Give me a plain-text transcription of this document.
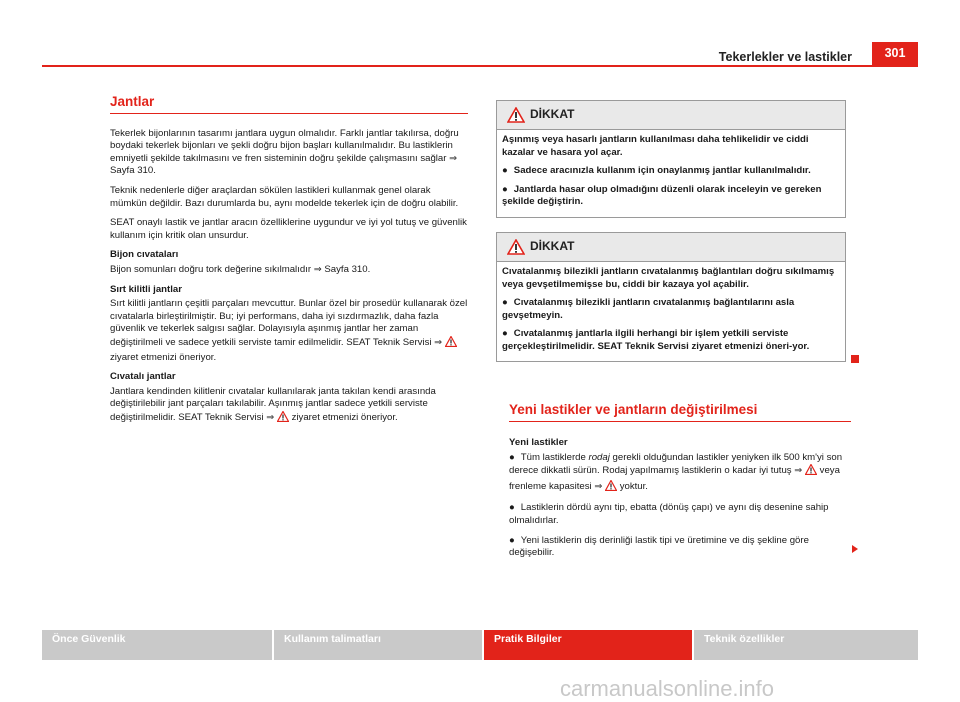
Tekerlekler ve lastikler	301
Jantlar

Tekerlek bijonlarının tasarımı jantlara uygun olmalıdır. Farklı jantlar takılırsa, doğru boydaki tekerlek bijonları ve şekli doğru bijon başları kullanılmalıdır. Bu lastiklerin emniyetli şekilde takılmasını ve fren sisteminin doğru şekilde çalışmasını sağlar ⇒ Sayfa 310.

Teknik nedenlerle diğer araçlardan sökülen lastikleri kullanmak genel olarak mümkün değildir. Bazı durumlarda bu, aynı modelde tekerlek için de doğru olabilir.

SEAT onaylı lastik ve jantlar aracın özelliklerine uygundur ve iyi yol tutuş ve güvenlik kullanım için kritik olan unsurdur.

Bijon cıvataları

Bijon somunları doğru tork değerine sıkılmalıdır ⇒ Sayfa 310.

Sırt kilitli jantlar

Sırt kilitli jantların çeşitli parçaları mevcuttur. Bunlar özel bir prosedür kullanarak özel cıvatalarla birleştirilmiştir. Bu; iyi performans, daha iyi sızdırmazlık, daha fazla güvenlik ve tekerlek salgısı sağlar. Dolayısıyla aşınmış jantlar her zaman değiştirilmeli ve sadece yetkili serviste tamir edilmelidir. SEAT Teknik Servisi ⇒  ziyaret etmenizi öneriyor.

Cıvatalı jantlar

Jantlara kendinden kilitlenir cıvatalar kullanılarak janta takılan kendi arasında değiştirilebilir jant parçaları takılabilir. Aşınmış jantlar sadece yetkili serviste değiştirilmelidir. SEAT Teknik Servisi ⇒ ziyaret etmenizi öneriyor.

DİKKAT

Aşınmış veya hasarlı jantların kullanılması daha tehlikelidir ve ciddi kazalar ve hasara yol açar.

● Sadece aracınızla kullanım için onaylanmış jantlar kullanılmalıdır.

● Jantlarda hasar olup olmadığını düzenli olarak inceleyin ve gereken şekilde değiştirin.

DİKKAT

Cıvatalanmış bilezikli jantların cıvatalanmış bağlantıları doğru sıkılmamış veya gevşetilmemişse bu, ciddi bir kazaya yol açabilir.

● Cıvatalanmış bilezikli jantların cıvatalanmış bağlantılarını asla gevşetmeyin.

● Cıvatalanmış jantlarla ilgili herhangi bir işlem yetkili serviste gerçekleştirilmelidir. SEAT Teknik Servisi ziyaret etmenizi öneri-yor.

Yeni lastikler ve jantların değiştirilmesi

Yeni lastikler

● Tüm lastiklerde rodaj gerekli olduğundan lastikler yeniyken ilk 500 km'yi son derece dikkatli sürün. Rodaj yapılmamış lastiklerin o kadar iyi tutuş ⇒ veya frenleme kapasitesi ⇒ yoktur.

● Lastiklerin dördü aynı tip, ebatta (dönüş çapı) ve aynı diş desenine sahip olmalıdırlar.

● Yeni lastiklerin diş derinliği lastik tipi ve üretimine ve diş şekline göre değişebilir.

Önce Güvenlik	Kullanım talimatları	Pratik Bilgiler	Teknik özellikler
carmanualsonline.info
